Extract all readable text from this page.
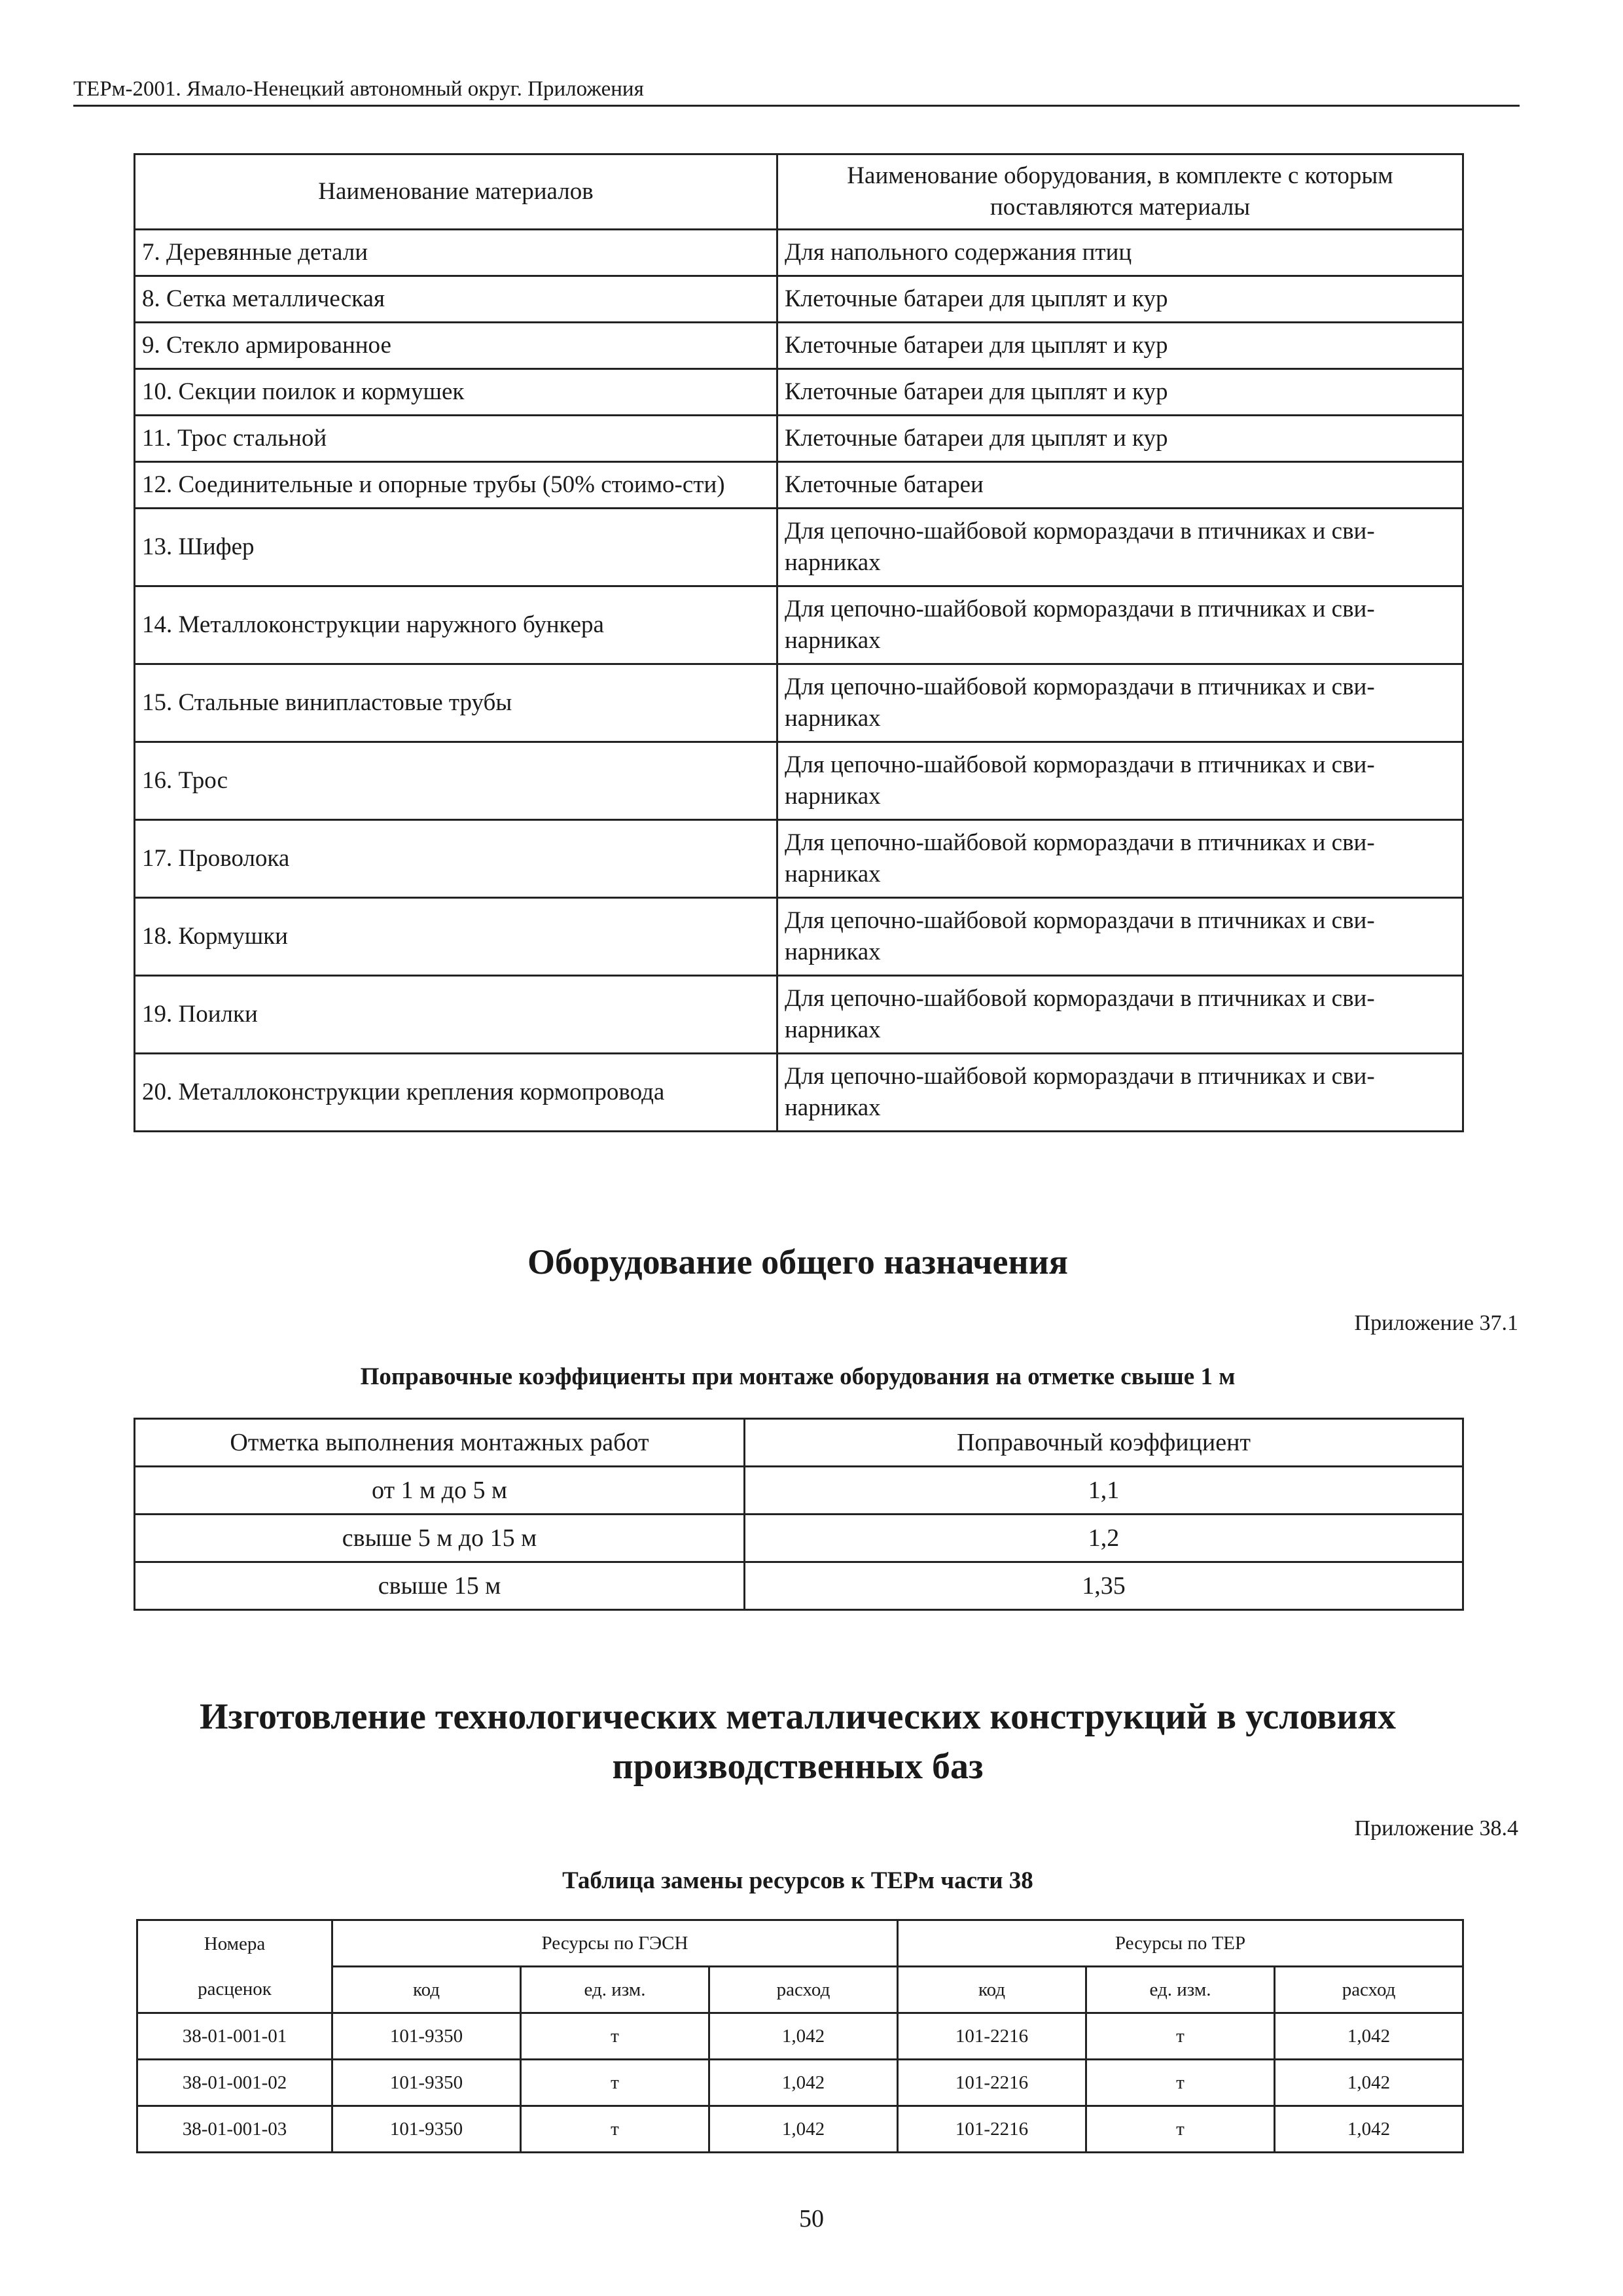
ТЕРм-2001. Ямало-Ненецкий автономный округ. Приложения
Наименование материалов	Наименование оборудования, в комплекте с которым поставляются материалы
7. Деревянные детали	Для напольного содержания птиц
8. Сетка металлическая	Клеточные батареи для цыплят и кур
9. Стекло армированное	Клеточные батареи для цыплят и кур
10. Секции поилок и кормушек	Клеточные батареи для цыплят и кур
11. Трос стальной	Клеточные батареи для цыплят и кур
12. Соединительные и опорные трубы (50% стоимо-сти)	Клеточные батареи
13. Шифер	Для цепочно-шайбовой кормораздачи в птичниках и сви-нарниках
14. Металлоконструкции наружного бункера	Для цепочно-шайбовой кормораздачи в птичниках и сви-нарниках
15. Стальные винипластовые трубы	Для цепочно-шайбовой кормораздачи в птичниках и сви-нарниках
16. Трос	Для цепочно-шайбовой кормораздачи в птичниках и сви-нарниках
17. Проволока	Для цепочно-шайбовой кормораздачи в птичниках и сви-нарниках
18. Кормушки	Для цепочно-шайбовой кормораздачи в птичниках и сви-нарниках
19. Поилки	Для цепочно-шайбовой кормораздачи в птичниках и сви-нарниках
20. Металлоконструкции крепления кормопровода	Для цепочно-шайбовой кормораздачи в птичниках и сви-нарниках
Оборудование общего назначения
Приложение 37.1
Поправочные коэффициенты при монтаже оборудования на отметке свыше 1 м
Отметка выполнения монтажных работ	Поправочный коэффициент
от 1 м до 5 м	1,1
свыше 5 м до 15 м	1,2
свыше 15 м	1,35
Изготовление технологических металлических конструкций в условиях производственных баз
Приложение 38.4
Таблица замены ресурсов к ТЕРм части 38
Номера	Ресурсы по ГЭСН			Ресурсы по ТЕР		
расценок	код	ед. изм.	расход	код	ед. изм.	расход
38-01-001-01	101-9350	т	1,042	101-2216	т	1,042
38-01-001-02	101-9350	т	1,042	101-2216	т	1,042
38-01-001-03	101-9350	т	1,042	101-2216	т	1,042
50
